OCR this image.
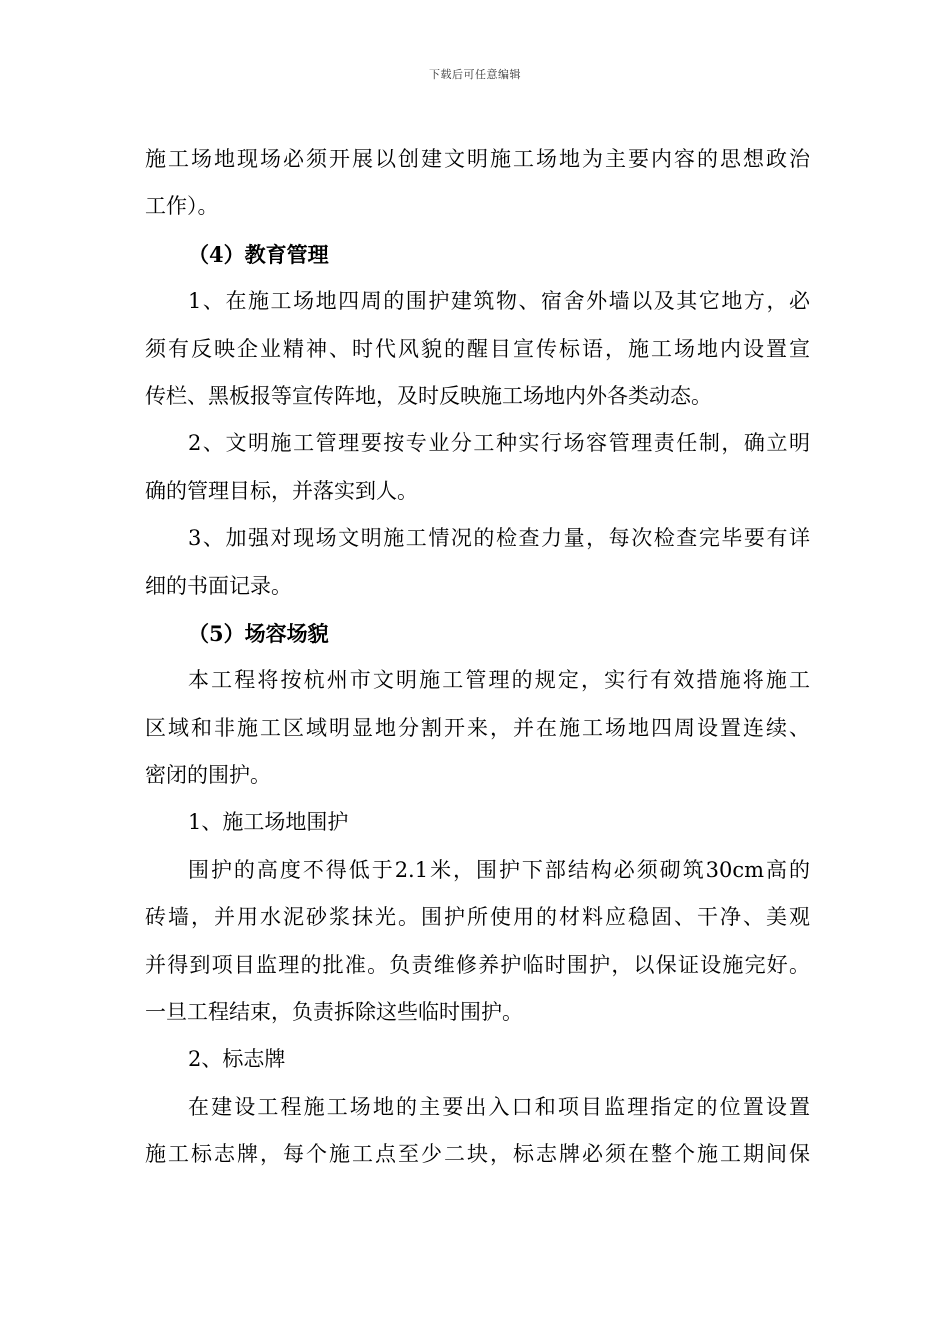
下载后可任意编辑
施工场地现场必须开展以创建文明施工场地为主要内容的思想政治
工作）。
（4）教育管理
1、在施工场地四周的围护建筑物、宿舍外墙以及其它地方，必
须有反映企业精神、时代风貌的醒目宣传标语，施工场地内设置宣
传栏、黑板报等宣传阵地，及时反映施工场地内外各类动态。
2、文明施工管理要按专业分工种实行场容管理责任制，确立明
确的管理目标，并落实到人。
3、加强对现场文明施工情况的检查力量，每次检查完毕要有详
细的书面记录。
（5）场容场貌
本工程将按杭州市文明施工管理的规定，实行有效措施将施工
区域和非施工区域明显地分割开来，并在施工场地四周设置连续、
密闭的围护。
1、施工场地围护
围护的高度不得低于2.1米，围护下部结构必须砌筑30cm高的
砖墙，并用水泥砂浆抹光。围护所使用的材料应稳固、干净、美观
并得到项目监理的批准。负责维修养护临时围护，以保证设施完好。
一旦工程结束，负责拆除这些临时围护。
2、标志牌
在建设工程施工场地的主要出入口和项目监理指定的位置设置
施工标志牌，每个施工点至少二块，标志牌必须在整个施工期间保
